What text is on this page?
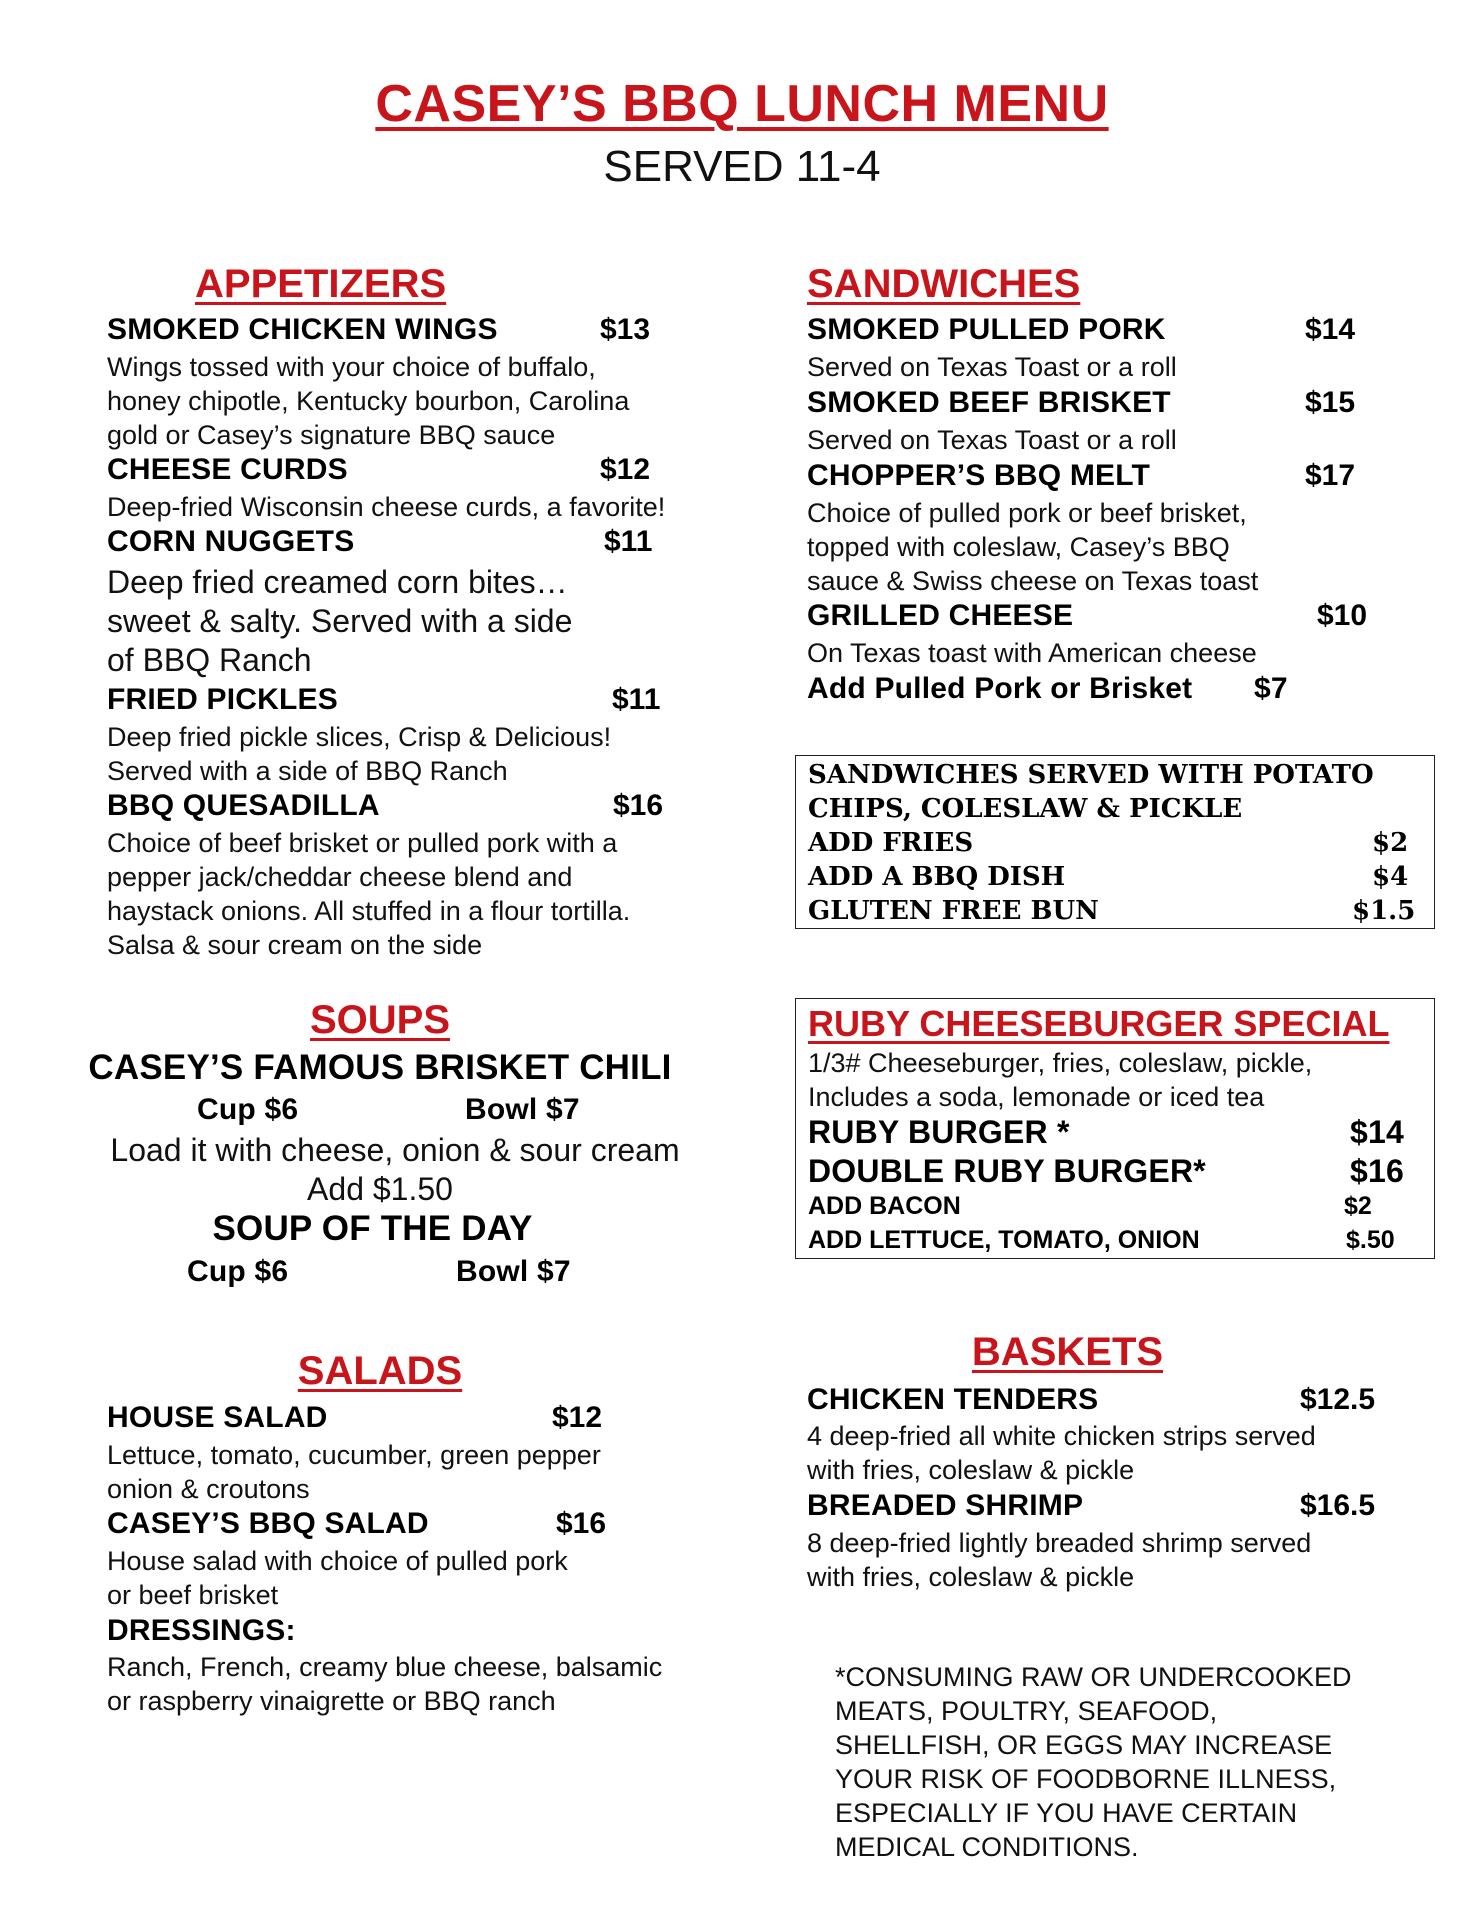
CASEY’S BBQ LUNCH MENU
SERVED 11-4
APPETIZERS
SMOKED CHICKEN WINGS	$13
Wings tossed with your choice of buffalo,
honey chipotle, Kentucky bourbon, Carolina
gold or Casey’s signature BBQ sauce
CHEESE CURDS	$12
Deep-fried Wisconsin cheese curds, a favorite!
CORN NUGGETS	$11
Deep fried creamed corn bites…
sweet & salty. Served with a side
of BBQ Ranch
FRIED PICKLES	$11
Deep fried pickle slices, Crisp & Delicious!
Served with a side of BBQ Ranch
BBQ QUESADILLA	$16
Choice of beef brisket or pulled pork with a
pepper jack/cheddar cheese blend and
haystack onions. All stuffed in a flour tortilla.
Salsa & sour cream on the side
SOUPS
CASEY’S FAMOUS BRISKET CHILI
Cup $6	Bowl $7
Load it with cheese, onion & sour cream
Add $1.50
SOUP OF THE DAY
Cup $6	Bowl $7
SALADS
HOUSE SALAD	$12
Lettuce, tomato, cucumber, green pepper
onion & croutons
CASEY’S BBQ SALAD	$16
House salad with choice of pulled pork
or beef brisket
DRESSINGS:
Ranch, French, creamy blue cheese, balsamic
or raspberry vinaigrette or BBQ ranch
SANDWICHES
SMOKED PULLED PORK	$14
Served on Texas Toast or a roll
SMOKED BEEF BRISKET	$15
Served on Texas Toast or a roll
CHOPPER’S BBQ MELT	$17
Choice of pulled pork or beef brisket,
topped with coleslaw, Casey’s BBQ
sauce & Swiss cheese on Texas toast
GRILLED CHEESE	$10
On Texas toast with American cheese
Add Pulled Pork or Brisket $7
SANDWICHES SERVED WITH POTATO
CHIPS, COLESLAW & PICKLE
ADD FRIES	$2
ADD A BBQ DISH	$4
GLUTEN FREE BUN	$1.5
RUBY CHEESEBURGER SPECIAL
1/3# Cheeseburger, fries, coleslaw, pickle,
Includes a soda, lemonade or iced tea
RUBY BURGER *	$14
DOUBLE RUBY BURGER*	$16
ADD BACON	$2
ADD LETTUCE, TOMATO, ONION	$.50
BASKETS
CHICKEN TENDERS	$12.5
4 deep-fried all white chicken strips served
with fries, coleslaw & pickle
BREADED SHRIMP	$16.5
8 deep-fried lightly breaded shrimp served
with fries, coleslaw & pickle
*CONSUMING RAW OR UNDERCOOKED
MEATS, POULTRY, SEAFOOD,
SHELLFISH, OR EGGS MAY INCREASE
YOUR RISK OF FOODBORNE ILLNESS,
ESPECIALLY IF YOU HAVE CERTAIN
MEDICAL CONDITIONS.
